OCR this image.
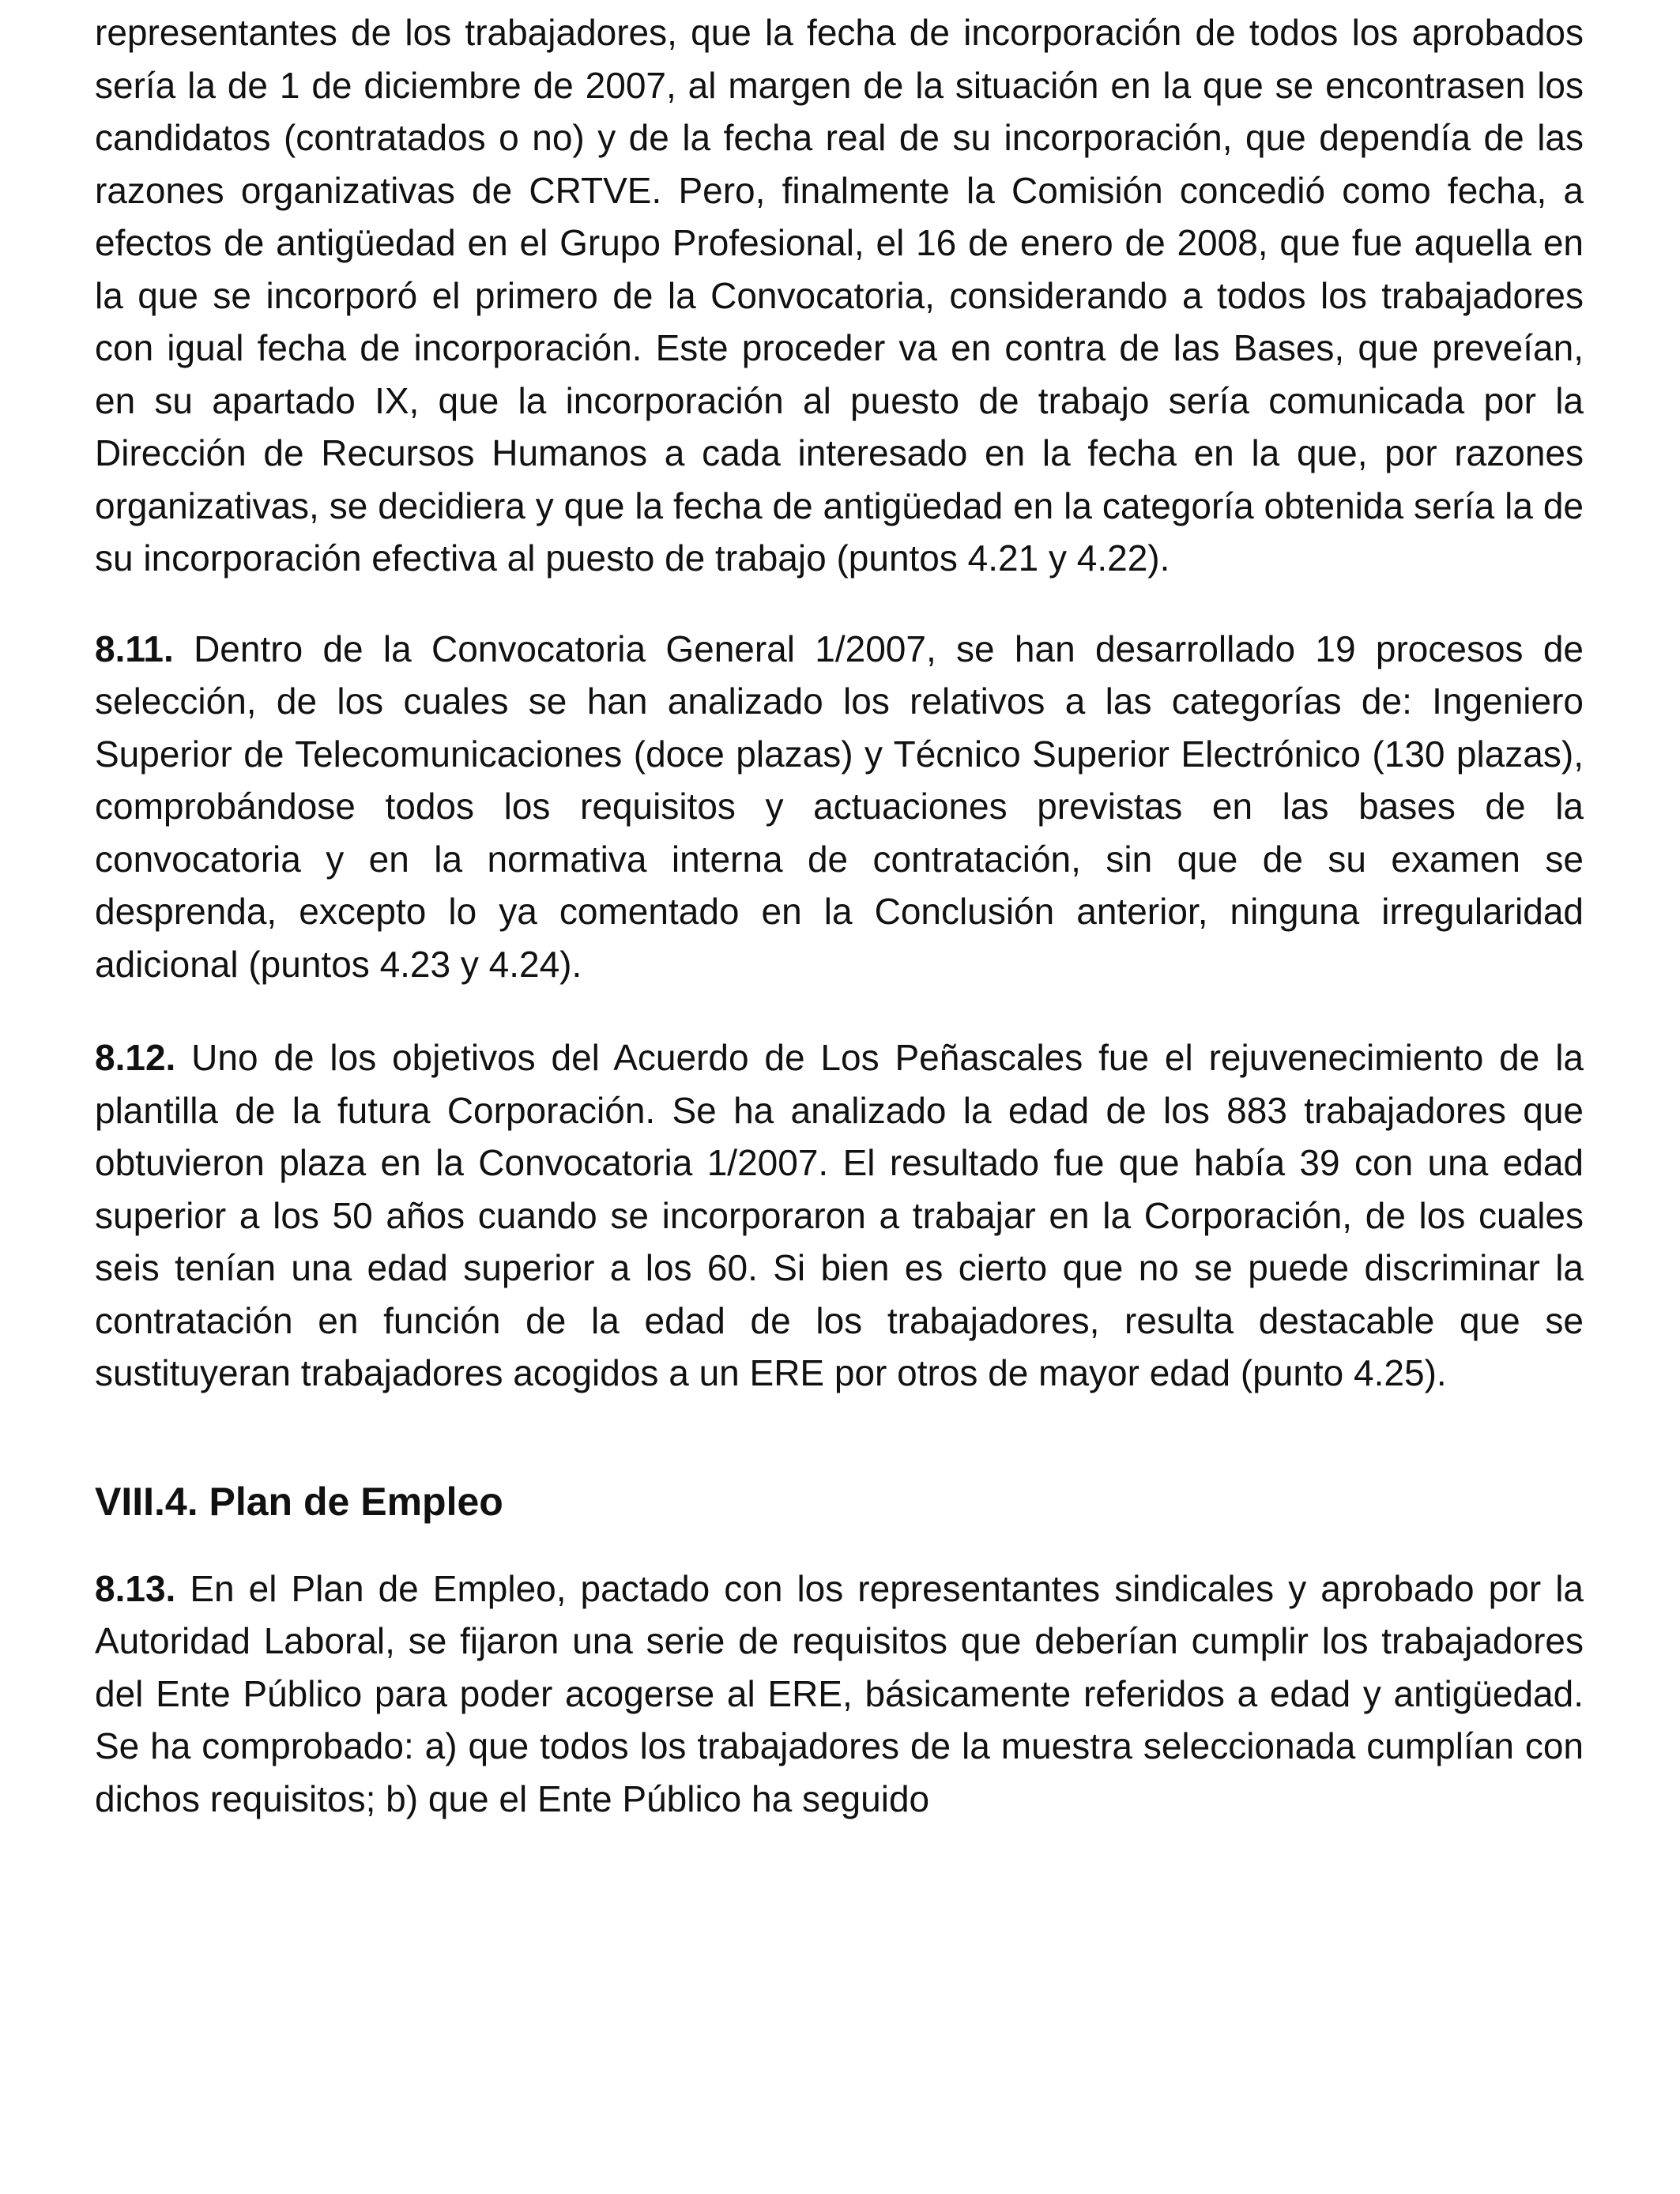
representantes de los trabajadores, que la fecha de incorporación de todos los aprobados sería la de 1 de diciembre de 2007, al margen de la situación en la que se encontrasen los candidatos (contratados o no) y de la fecha real de su incorporación, que dependía de las razones organizativas de CRTVE. Pero, finalmente la Comisión concedió como fecha, a efectos de antigüedad en el Grupo Profesional, el 16 de enero de 2008, que fue aquella en la que se incorporó el primero de la Convocatoria, considerando a todos los trabajadores con igual fecha de incorporación. Este proceder va en contra de las Bases, que preveían, en su apartado IX, que la incorporación al puesto de trabajo sería comunicada por la Dirección de Recursos Humanos a cada interesado en la fecha en la que, por razones organizativas, se decidiera y que la fecha de antigüedad en la categoría obtenida sería la de su incorporación efectiva al puesto de trabajo (puntos 4.21 y 4.22).

8.11. Dentro de la Convocatoria General 1/2007, se han desarrollado 19 procesos de selección, de los cuales se han analizado los relativos a las categorías de: Ingeniero Superior de Telecomunicaciones (doce plazas) y Técnico Superior Electrónico (130 plazas), comprobándose todos los requisitos y actuaciones previstas en las bases de la convocatoria y en la normativa interna de contratación, sin que de su examen se desprenda, excepto lo ya comentado en la Conclusión anterior, ninguna irregularidad adicional (puntos 4.23 y 4.24).

8.12. Uno de los objetivos del Acuerdo de Los Peñascales fue el rejuvenecimiento de la plantilla de la futura Corporación. Se ha analizado la edad de los 883 trabajadores que obtuvieron plaza en la Convocatoria 1/2007. El resultado fue que había 39 con una edad superior a los 50 años cuando se incorporaron a trabajar en la Corporación, de los cuales seis tenían una edad superior a los 60. Si bien es cierto que no se puede discriminar la contratación en función de la edad de los trabajadores, resulta destacable que se sustituyeran trabajadores acogidos a un ERE por otros de mayor edad (punto 4.25).

VIII.4. Plan de Empleo

8.13. En el Plan de Empleo, pactado con los representantes sindicales y aprobado por la Autoridad Laboral, se fijaron una serie de requisitos que deberían cumplir los trabajadores del Ente Público para poder acogerse al ERE, básicamente referidos a edad y antigüedad. Se ha comprobado: a) que todos los trabajadores de la muestra seleccionada cumplían con dichos requisitos; b) que el Ente Público ha seguido
